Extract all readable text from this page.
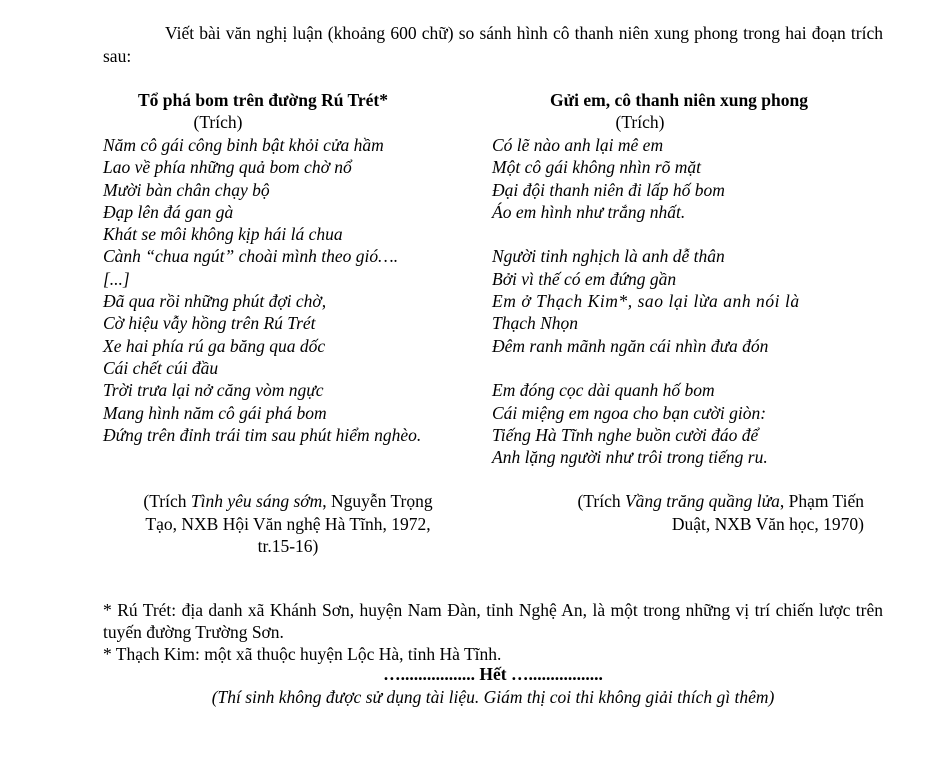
Viết bài văn nghị luận (khoảng 600 chữ) so sánh hình cô thanh niên xung phong trong hai đoạn trích sau:
Tổ phá bom trên đường Rú Trét*
(Trích)
Năm cô gái công binh bật khỏi cửa hầm
Lao về phía những quả bom chờ nổ
Mười bàn chân chạy bộ
Đạp lên đá gan gà
Khát se môi không kịp hái lá chua
Cành “chua ngút” choài mình theo gió….
[...]
Đã qua rồi những phút đợi chờ,
Cờ hiệu vẫy hồng trên Rú Trét
Xe hai phía rú ga băng qua dốc
Cái chết cúi đầu
Trời trưa lại nở căng vòm ngực
Mang hình năm cô gái phá bom
Đứng trên đỉnh trái tim sau phút hiểm nghèo.
(Trích Tình yêu sáng sớm, Nguyễn Trọng
Tạo, NXB Hội Văn nghệ Hà Tĩnh, 1972,
tr.15-16)
Gửi em, cô thanh niên xung phong
(Trích)
Có lẽ nào anh lại mê em
Một cô gái không nhìn rõ mặt
Đại đội thanh niên đi lấp hố bom
Áo em hình như trắng nhất.
Người tinh nghịch là anh dễ thân
Bởi vì thế có em đứng gần
Em ở Thạch Kim*, sao lại lừa anh nói là
Thạch Nhọn
Đêm ranh mãnh ngăn cái nhìn đưa đón
Em đóng cọc dài quanh hố bom
Cái miệng em ngoa cho bạn cười giòn:
Tiếng Hà Tĩnh nghe buồn cười đáo để
Anh lặng người như trôi trong tiếng ru.
(Trích Vầng trăng quầng lửa, Phạm Tiến
Duật, NXB Văn học, 1970)
* Rú Trét: địa danh xã Khánh Sơn, huyện Nam Đàn, tỉnh Nghệ An, là một trong những vị trí chiến lược trên tuyến đường Trường Sơn.
* Thạch Kim: một xã thuộc huyện Lộc Hà, tỉnh Hà Tĩnh.
…................. Hết ….................
(Thí sinh không được sử dụng tài liệu. Giám thị coi thi không giải thích gì thêm)
